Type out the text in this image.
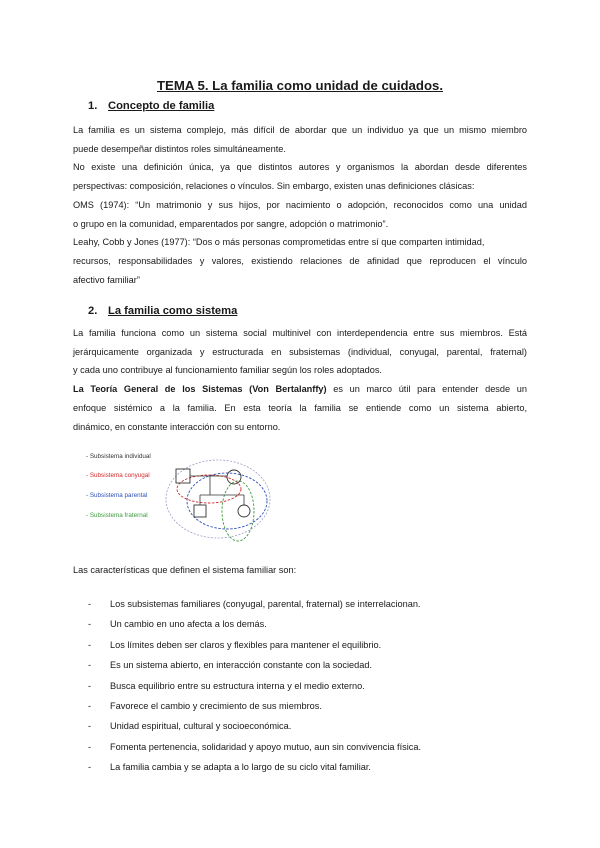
TEMA 5. La familia como unidad de cuidados.
1. Concepto de familia
La familia es un sistema complejo, más difícil de abordar que un individuo ya que un mismo miembro
puede desempeñar distintos roles simultáneamente.
No existe una definición única, ya que distintos autores y organismos la abordan desde diferentes
perspectivas: composición, relaciones o vínculos. Sin embargo, existen unas definiciones clásicas:
OMS (1974): “Un matrimonio y sus hijos, por nacimiento o adopción, reconocidos como una unidad
o grupo en la comunidad, emparentados por sangre, adopción o matrimonio”.
Leahy, Cobb y Jones (1977): “Dos o más personas comprometidas entre sí que comparten intimidad,
recursos, responsabilidades y valores, existiendo relaciones de afinidad que reproducen el vínculo
afectivo familiar”
2. La familia como sistema
La familia funciona como un sistema social multinivel con interdependencia entre sus miembros. Está
jerárquicamente organizada y estructurada en subsistemas (individual, conyugal, parental, fraternal)
y cada uno contribuye al funcionamiento familiar según los roles adoptados.
La Teoría General de los Sistemas (Von Bertalanffy) es un marco útil para entender desde un
enfoque sistémico a la familia. En esta teoría la familia se entiende como un sistema abierto,
dinámico, en constante interacción con su entorno.
- Subsistema individual
- Subsistema conyugal
- Subsistema parental
- Subsistema fraternal
Las características que definen el sistema familiar son:
- Los subsistemas familiares (conyugal, parental, fraternal) se interrelacionan.
- Un cambio en uno afecta a los demás.
- Los límites deben ser claros y flexibles para mantener el equilibrio.
- Es un sistema abierto, en interacción constante con la sociedad.
- Busca equilibrio entre su estructura interna y el medio externo.
- Favorece el cambio y crecimiento de sus miembros.
- Unidad espiritual, cultural y socioeconómica.
- Fomenta pertenencia, solidaridad y apoyo mutuo, aun sin convivencia física.
- La familia cambia y se adapta a lo largo de su ciclo vital familiar.
